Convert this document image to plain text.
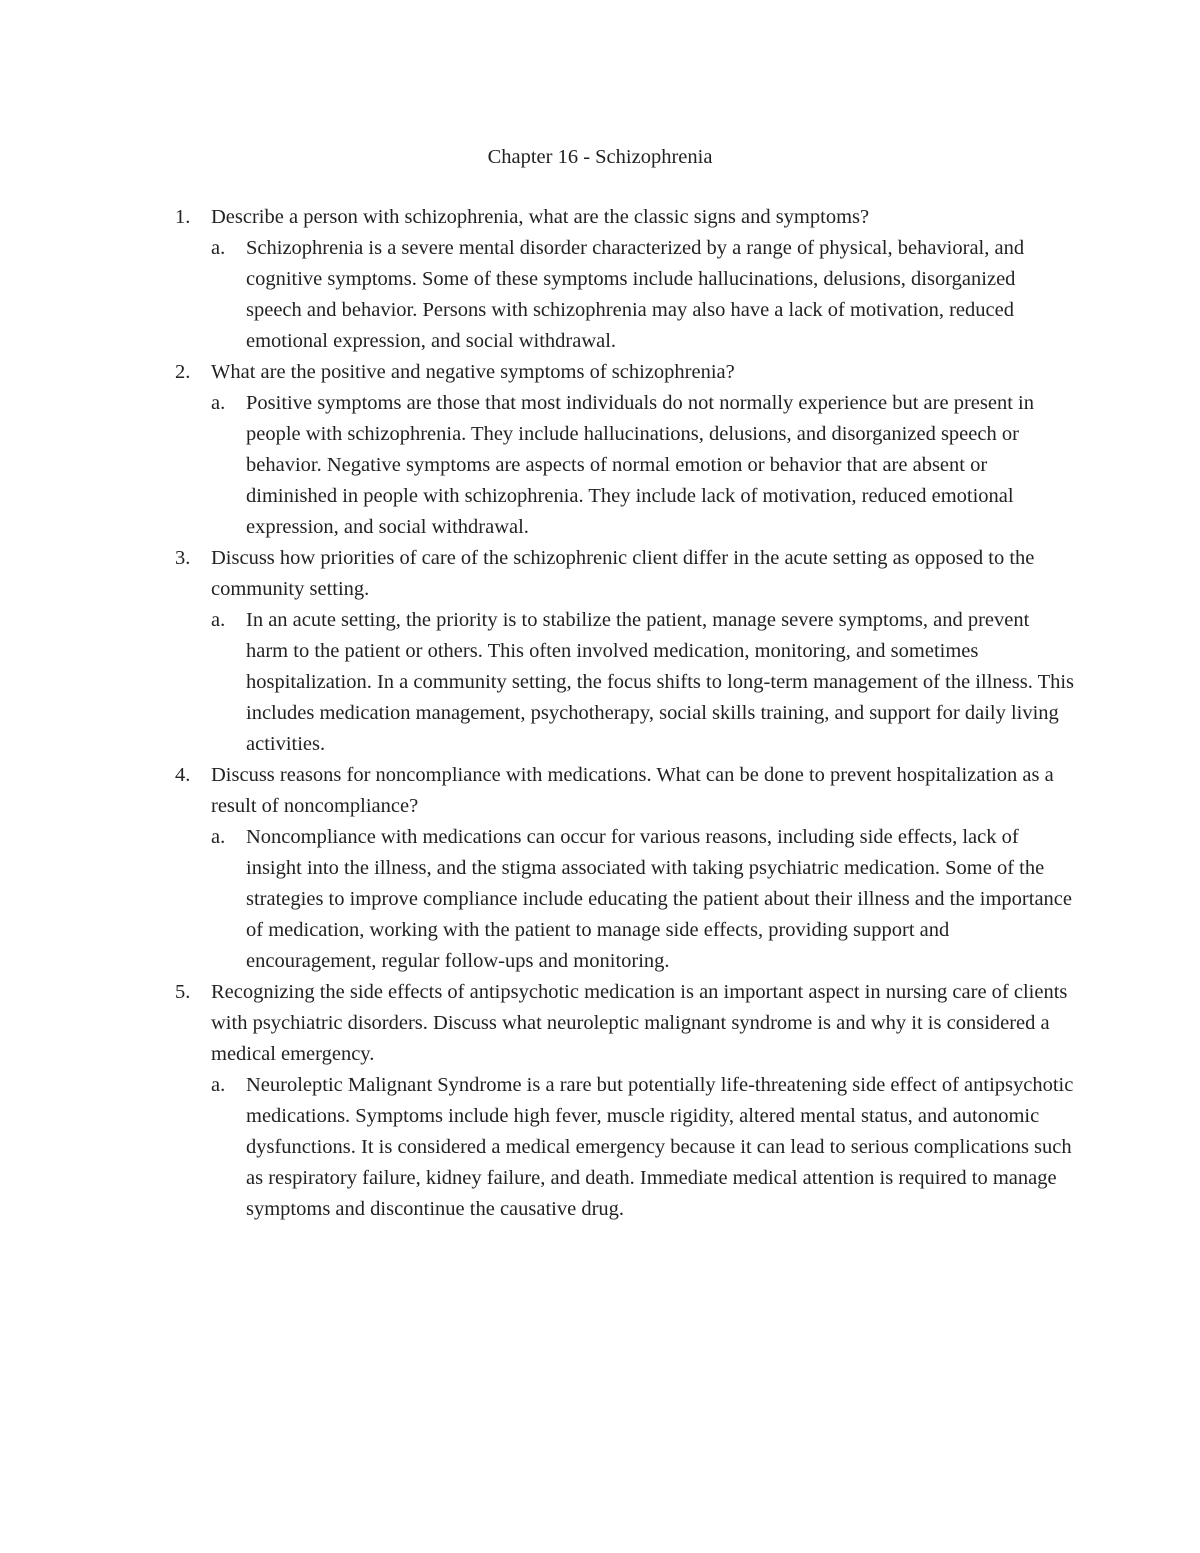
Chapter 16 - Schizophrenia
1. Describe a person with schizophrenia, what are the classic signs and symptoms?
a. Schizophrenia is a severe mental disorder characterized by a range of physical, behavioral, and cognitive symptoms. Some of these symptoms include hallucinations, delusions, disorganized speech and behavior. Persons with schizophrenia may also have a lack of motivation, reduced emotional expression, and social withdrawal.
2. What are the positive and negative symptoms of schizophrenia?
a. Positive symptoms are those that most individuals do not normally experience but are present in people with schizophrenia. They include hallucinations, delusions, and disorganized speech or behavior. Negative symptoms are aspects of normal emotion or behavior that are absent or diminished in people with schizophrenia. They include lack of motivation, reduced emotional expression, and social withdrawal.
3. Discuss how priorities of care of the schizophrenic client differ in the acute setting as opposed to the community setting.
a. In an acute setting, the priority is to stabilize the patient, manage severe symptoms, and prevent harm to the patient or others. This often involved medication, monitoring, and sometimes hospitalization. In a community setting, the focus shifts to long-term management of the illness. This includes medication management, psychotherapy, social skills training, and support for daily living activities.
4. Discuss reasons for noncompliance with medications. What can be done to prevent hospitalization as a result of noncompliance?
a. Noncompliance with medications can occur for various reasons, including side effects, lack of insight into the illness, and the stigma associated with taking psychiatric medication. Some of the strategies to improve compliance include educating the patient about their illness and the importance of medication, working with the patient to manage side effects, providing support and encouragement, regular follow-ups and monitoring.
5. Recognizing the side effects of antipsychotic medication is an important aspect in nursing care of clients with psychiatric disorders. Discuss what neuroleptic malignant syndrome is and why it is considered a medical emergency.
a. Neuroleptic Malignant Syndrome is a rare but potentially life-threatening side effect of antipsychotic medications. Symptoms include high fever, muscle rigidity, altered mental status, and autonomic dysfunctions. It is considered a medical emergency because it can lead to serious complications such as respiratory failure, kidney failure, and death. Immediate medical attention is required to manage symptoms and discontinue the causative drug.
